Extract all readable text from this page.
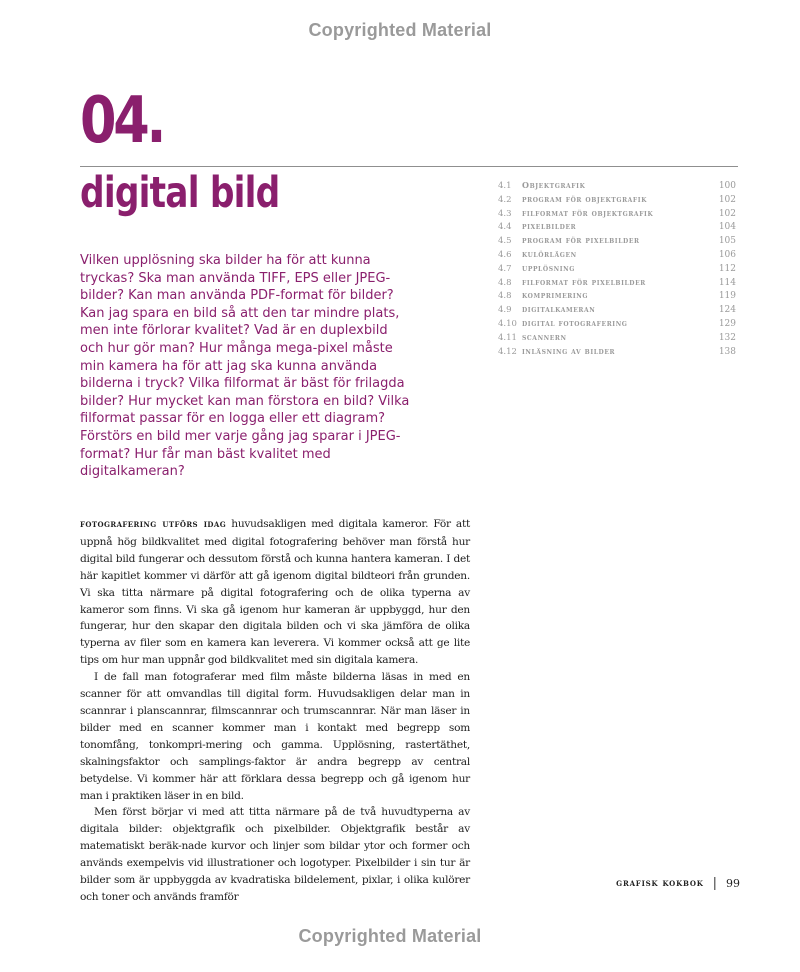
Copyrighted Material
04.
digital bild

Vilken upplösning ska bilder ha för att kunna tryckas? Ska man använda TIFF, EPS eller JPEG-bilder? Kan man använda PDF-format för bilder? Kan jag spara en bild så att den tar mindre plats, men inte förlorar kvalitet? Vad är en duplexbild och hur gör man? Hur många mega-pixel måste min kamera ha för att jag ska kunna använda bilderna i tryck? Vilka filformat är bäst för frilagda bilder? Hur mycket kan man förstora en bild? Vilka filformat passar för en logga eller ett diagram? Förstörs en bild mer varje gång jag sparar i JPEG-format? Hur får man bäst kvalitet med digitalkameran?

4.1	Objektgrafik	100
4.2	program för objektgrafik	102
4.3	filformat för objektgrafik	102
4.4	pixelbilder	104
4.5	program för pixelbilder	105
4.6	kulörlägen	106
4.7	upplösning	112
4.8	filformat för pixelbilder	114
4.8	komprimering	119
4.9	digitalkameran	124
4.10 digital fotografering	129
4.11 scannern	132
4.12 inläsning av bilder	138

fotografering utförs idag huvudsakligen med digitala kameror. För att uppnå hög bildkvalitet med digital fotografering behöver man förstå hur digital bild fungerar och dessutom förstå och kunna hantera kameran. I det här kapitlet kommer vi därför att gå igenom digital bildteori från grunden. Vi ska titta närmare på digital fotografering och de olika typerna av kameror som finns. Vi ska gå igenom hur kameran är uppbyggd, hur den fungerar, hur den skapar den digitala bilden och vi ska jämföra de olika typerna av filer som en kamera kan leverera. Vi kommer också att ge lite tips om hur man uppnår god bildkvalitet med sin digitala kamera.

I de fall man fotograferar med film måste bilderna läsas in med en scanner för att omvandlas till digital form. Huvudsakligen delar man in scannrar i planscannrar, filmscannrar och trumscannrar. När man läser in bilder med en scanner kommer man i kontakt med begrepp som tonomfång, tonkompri-mering och gamma. Upplösning, rastertäthet, skalningsfaktor och samplings-faktor är andra begrepp av central betydelse. Vi kommer här att förklara dessa begrepp och gå igenom hur man i praktiken läser in en bild.

Men först börjar vi med att titta närmare på de två huvudtyperna av digitala bilder: objektgrafik och pixelbilder. Objektgrafik består av matematiskt beräk-nade kurvor och linjer som bildar ytor och former och används exempelvis vid illustrationer och logotyper. Pixelbilder i sin tur är bilder som är uppbyggda av kvadratiska bildelement, pixlar, i olika kulörer och toner och används framför

grafisk kokbok | 99
Copyrighted Material
